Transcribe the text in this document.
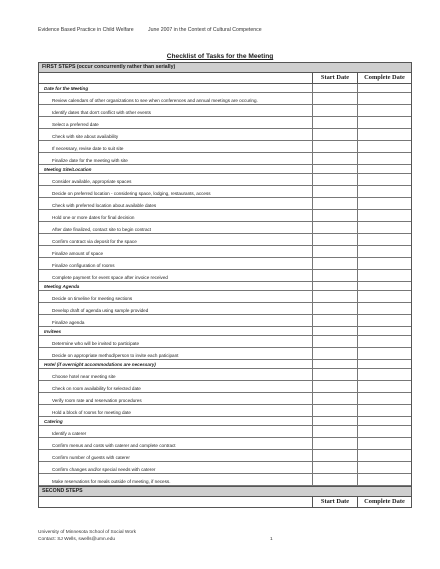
Evidence Based Practice in Child Welfare	June 2007 in the Context of Cultural Competence
Checklist of Tasks for the Meeting
FIRST STEPS (occur concurrently rather than serially)
Start Date	Complete Date
Date for the Meeting
Review calendars of other organizations to see when conferences and annual meetings are occuring.
Identify dates that don't conflict with other events
Select a preferred date
Check with site about availability
If necessary, revise date to suit site
Finalize date for the meeting with site
Meeting Site/Location
Consider available, appropriate spaces
Decide on preferred location - considering space, lodging, restaurants, access
Check with preferred location about available dates
Hold one or more dates for final decision
After date finalized, contact site to begin contract
Confirm contract via deposit for the space
Finalize amount of space
Finalize configuration of rooms
Complete payment for event space after invoice received
Meeting Agenda
Decide on timeline for meeting sections
Develop draft of agenda using sample provided
Finalize agenda
Invitees
Determine who will be invited to participate
Decide on appropriate method/person to invite each paticipant
Hotel (if overnight accommodations are necessary)
Choose hotel near meeting site
Check on room availability for selected date
Verify room rate and reservation procedures
Hold a block of rooms for meeting date
Catering
Identify a caterer
Confirm menus and costs with caterer and complete contract
Confirm number of guests with caterer
Confirm changes and/or special needs with caterer
Make reservations for meals outside of meeting, if necess.
SECOND STEPS
Start Date	Complete Date
University of Minnesota School of Social Work
Contact: SJ Wells, swells@umn.edu	1
